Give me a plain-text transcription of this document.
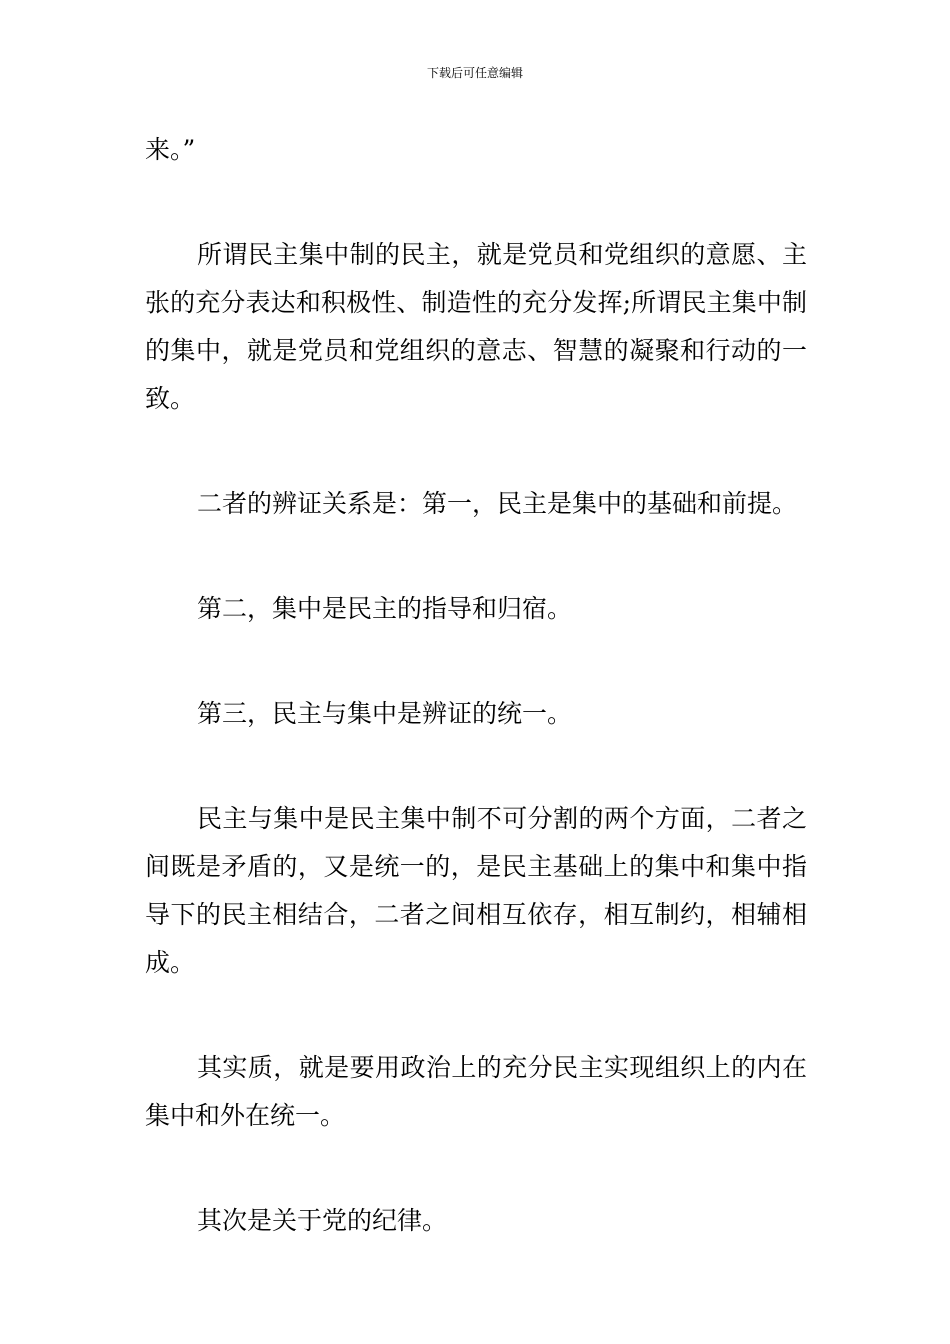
下载后可任意编辑

来。”

所谓民主集中制的民主，就是党员和党组织的意愿、主张的充分表达和积极性、制造性的充分发挥;所谓民主集中制的集中，就是党员和党组织的意志、智慧的凝聚和行动的一致。

二者的辨证关系是：第一，民主是集中的基础和前提。

第二，集中是民主的指导和归宿。

第三，民主与集中是辨证的统一。

民主与集中是民主集中制不可分割的两个方面，二者之间既是矛盾的，又是统一的，是民主基础上的集中和集中指导下的民主相结合，二者之间相互依存，相互制约，相辅相成。

其实质，就是要用政治上的充分民主实现组织上的内在集中和外在统一。

其次是关于党的纪律。
